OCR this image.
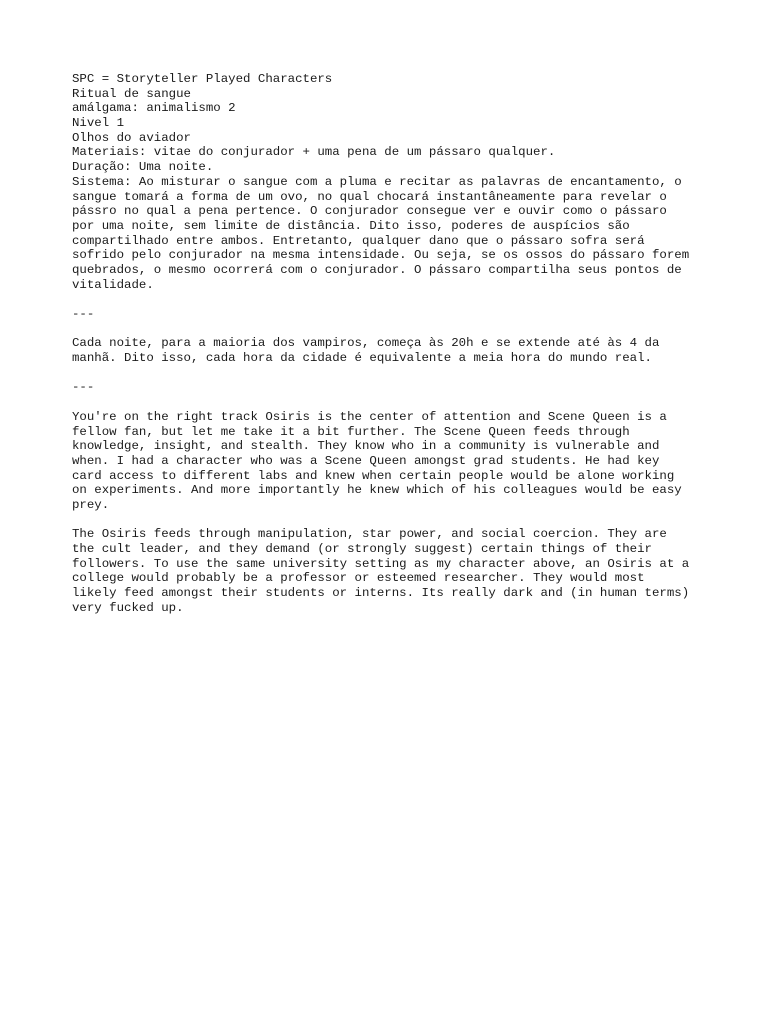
SPC = Storyteller Played Characters
Ritual de sangue
amálgama: animalismo 2
Nivel 1
Olhos do aviador
Materiais: vitae do conjurador + uma pena de um pássaro qualquer.
Duração: Uma noite.
Sistema: Ao misturar o sangue com a pluma e recitar as palavras de encantamento, o
sangue tomará a forma de um ovo, no qual chocará instantâneamente para revelar o
pássro no qual a pena pertence. O conjurador consegue ver e ouvir como o pássaro
por uma noite, sem limite de distância. Dito isso, poderes de auspícios são
compartilhado entre ambos. Entretanto, qualquer dano que o pássaro sofra será
sofrido pelo conjurador na mesma intensidade. Ou seja, se os ossos do pássaro forem
quebrados, o mesmo ocorrerá com o conjurador. O pássaro compartilha seus pontos de
vitalidade.
---
Cada noite, para a maioria dos vampiros, começa às 20h e se extende até às 4 da
manhã. Dito isso, cada hora da cidade é equivalente a meia hora do mundo real.
---
You're on the right track Osiris is the center of attention and Scene Queen is a
fellow fan, but let me take it a bit further. The Scene Queen feeds through
knowledge, insight, and stealth. They know who in a community is vulnerable and
when. I had a character who was a Scene Queen amongst grad students. He had key
card access to different labs and knew when certain people would be alone working
on experiments. And more importantly he knew which of his colleagues would be easy
prey.
The Osiris feeds through manipulation, star power, and social coercion. They are
the cult leader, and they demand (or strongly suggest) certain things of their
followers. To use the same university setting as my character above, an Osiris at a
college would probably be a professor or esteemed researcher. They would most
likely feed amongst their students or interns. Its really dark and (in human terms)
very fucked up.
